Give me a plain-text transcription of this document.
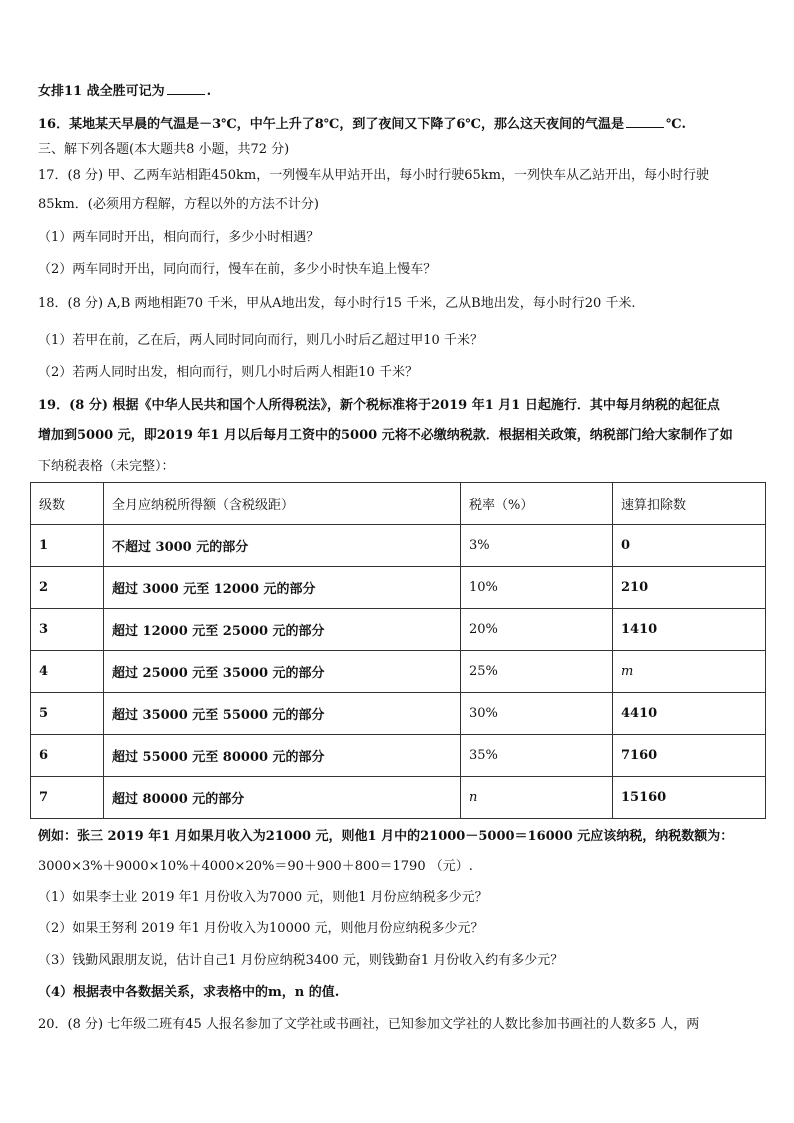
女排11 战全胜可记为	.
16．某地某天早晨的气温是－3℃，中午上升了8℃，到了夜间又下降了6℃，那么这天夜间的气温是	℃.
三、解下列各题(本大题共8 小题，共72 分)
17．(8 分) 甲、乙两车站相距450km，一列慢车从甲站开出，每小时行驶65km，一列快车从乙站开出，每小时行驶
85km．(必须用方程解，方程以外的方法不计分)
（1）两车同时开出，相向而行，多少小时相遇？
（2）两车同时开出，同向而行，慢车在前，多少小时快车追上慢车？
18．(8 分) A,B 两地相距70 千米，甲从A地出发，每小时行15 千米，乙从B地出发，每小时行20 千米.
（1）若甲在前，乙在后，两人同时同向而行，则几小时后乙超过甲10 千米？
（2）若两人同时出发，相向而行，则几小时后两人相距10 千米？
19．(8 分) 根据《中华人民共和国个人所得税法》，新个税标准将于2019 年1 月1 日起施行．其中每月纳税的起征点
增加到5000 元，即2019 年1 月以后每月工资中的5000 元将不必缴纳税款．根据相关政策，纳税部门给大家制作了如
下纳税表格（未完整）：
级数	全月应纳税所得额（含税级距）	税率（%）	速算扣除数
1	不超过 3000 元的部分	3%	0
2	超过 3000 元至 12000 元的部分	10%	210
3	超过 12000 元至 25000 元的部分	20%	1410
4	超过 25000 元至 35000 元的部分	25%	m
5	超过 35000 元至 55000 元的部分	30%	4410
6	超过 55000 元至 80000 元的部分	35%	7160
7	超过 80000 元的部分	n	15160
例如：张三 2019 年1 月如果月收入为21000 元，则他1 月中的21000－5000＝16000 元应该纳税，纳税数额为：
3000×3%＋9000×10%＋4000×20%＝90＋900＋800＝1790 （元）.
（1）如果李士业 2019 年1 月份收入为7000 元，则他1 月份应纳税多少元？
（2）如果王努利 2019 年1 月份收入为10000 元，则他月份应纳税多少元？
（3）钱勤风跟朋友说，估计自己1 月份应纳税3400 元，则钱勤奋1 月份收入约有多少元？
（4）根据表中各数据关系，求表格中的m，n 的值.
20．(8 分) 七年级二班有45 人报名参加了文学社或书画社，已知参加文学社的人数比参加书画社的人数多5 人，两
